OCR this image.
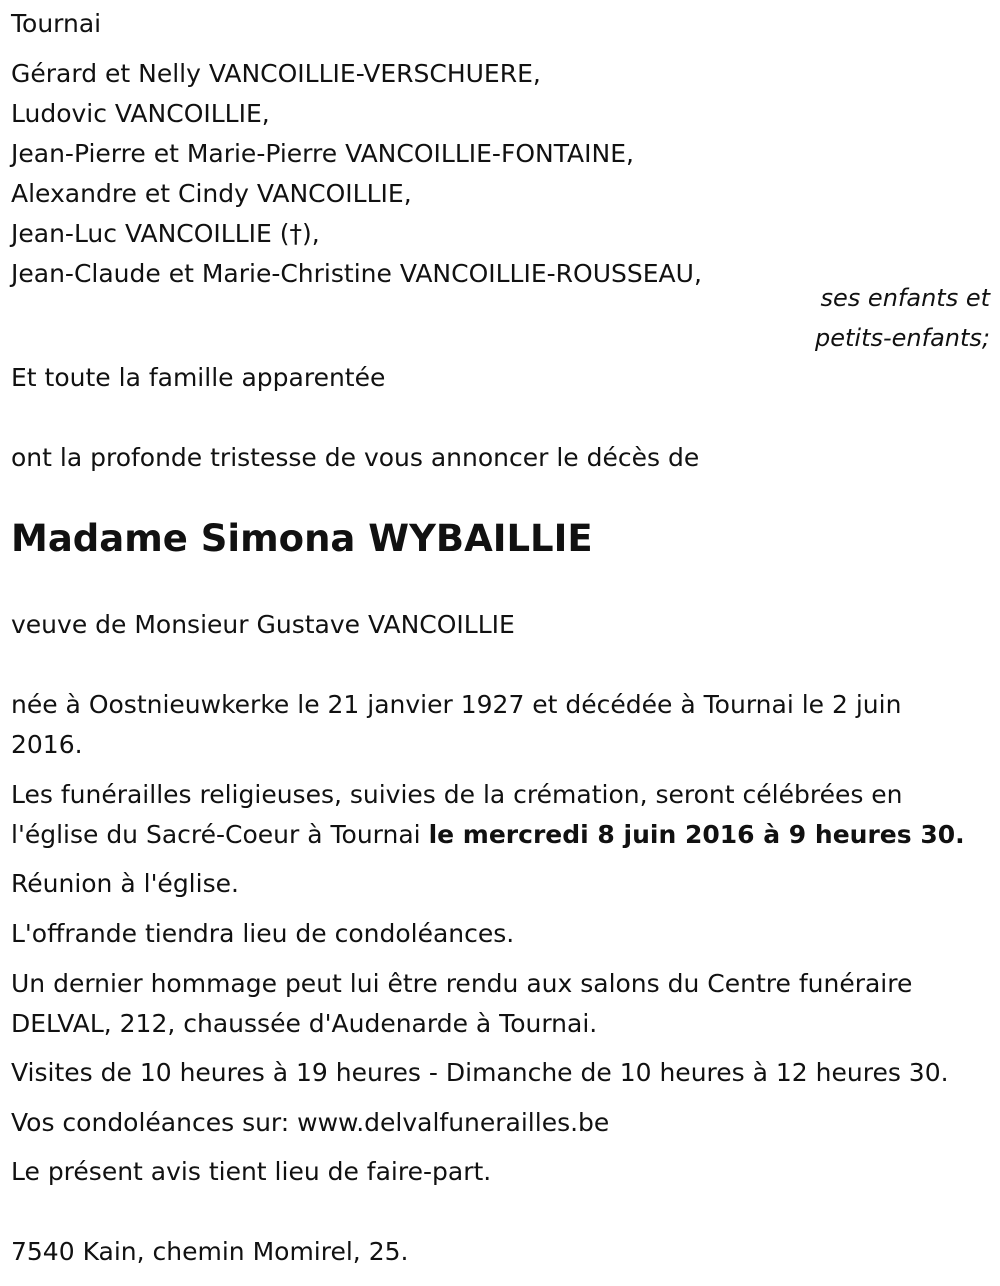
Tournai
Gérard et Nelly VANCOILLIE-VERSCHUERE,
Ludovic VANCOILLIE,
Jean-Pierre et Marie-Pierre VANCOILLIE-FONTAINE,
Alexandre et Cindy VANCOILLIE,
Jean-Luc VANCOILLIE (†),
Jean-Claude et Marie-Christine VANCOILLIE-ROUSSEAU,
ses enfants et
petits-enfants;
Et toute la famille apparentée
ont la profonde tristesse de vous annoncer le décès de
Madame Simona WYBAILLIE
veuve de Monsieur Gustave VANCOILLIE
née à Oostnieuwkerke le 21 janvier 1927 et décédée à Tournai le 2 juin
2016.
Les funérailles religieuses, suivies de la crémation, seront célébrées en
l'église du Sacré-Coeur à Tournai le mercredi 8 juin 2016 à 9 heures 30.
Réunion à l'église.
L'offrande tiendra lieu de condoléances.
Un dernier hommage peut lui être rendu aux salons du Centre funéraire
DELVAL, 212, chaussée d'Audenarde à Tournai.
Visites de 10 heures à 19 heures - Dimanche de 10 heures à 12 heures 30.
Vos condoléances sur: www.delvalfunerailles.be
Le présent avis tient lieu de faire-part.
7540 Kain, chemin Momirel, 25.
